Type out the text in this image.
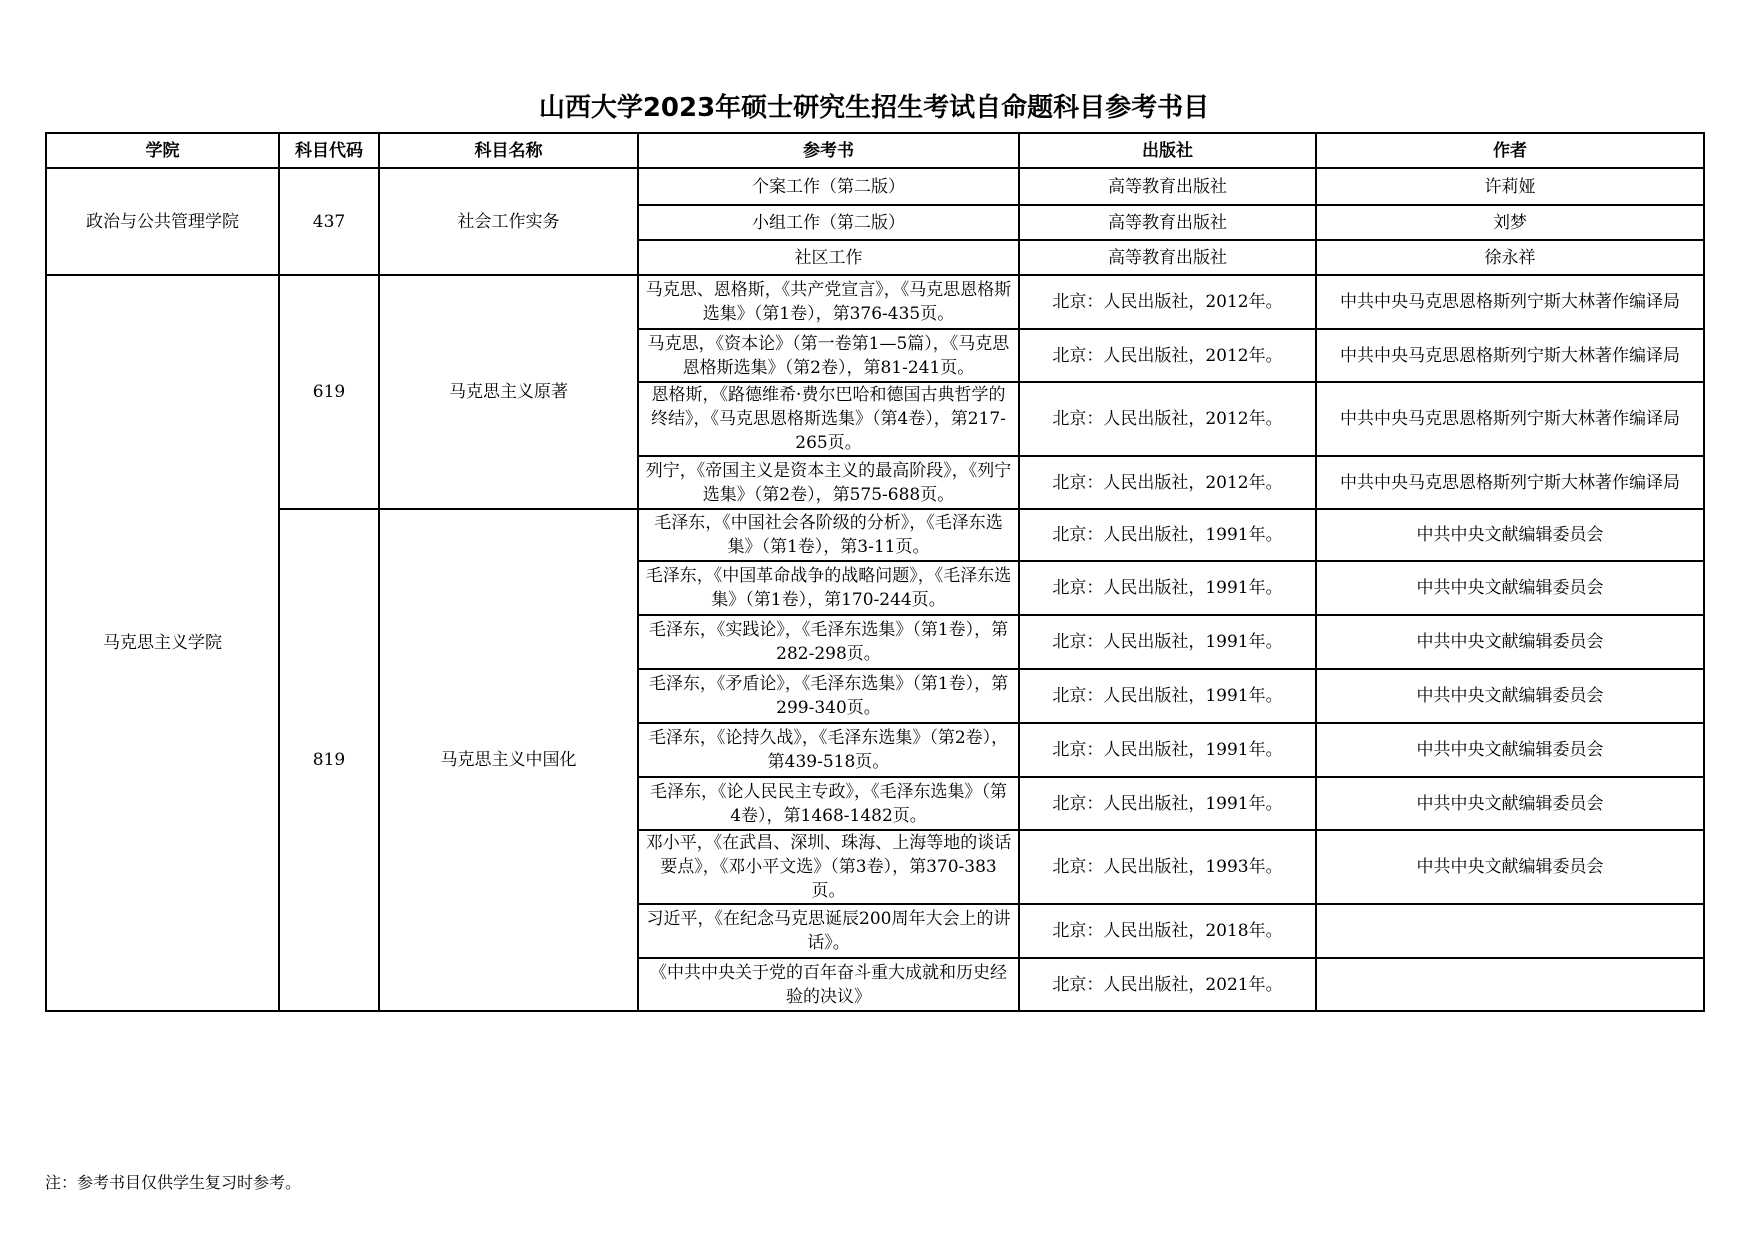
山西大学2023年硕士研究生招生考试自命题科目参考书目
学院	科目代码	科目名称	参考书	出版社	作者
政治与公共管理学院	437	社会工作实务	个案工作（第二版）	高等教育出版社	许莉娅
			小组工作（第二版）	高等教育出版社	刘梦
			社区工作	高等教育出版社	徐永祥
马克思主义学院	619	马克思主义原著	马克思、恩格斯，《共产党宣言》，《马克思恩格斯选集》（第1卷），第376-435页。	北京：人民出版社，2012年。	中共中央马克思恩格斯列宁斯大林著作编译局
			马克思，《资本论》（第一卷第1—5篇），《马克思恩格斯选集》（第2卷），第81-241页。	北京：人民出版社，2012年。	中共中央马克思恩格斯列宁斯大林著作编译局
			恩格斯，《路德维希·费尔巴哈和德国古典哲学的终结》，《马克思恩格斯选集》（第4卷），第217-265页。	北京：人民出版社，2012年。	中共中央马克思恩格斯列宁斯大林著作编译局
			列宁，《帝国主义是资本主义的最高阶段》，《列宁选集》（第2卷），第575-688页。	北京：人民出版社，2012年。	中共中央马克思恩格斯列宁斯大林著作编译局
	819	马克思主义中国化	毛泽东，《中国社会各阶级的分析》，《毛泽东选集》（第1卷），第3-11页。	北京：人民出版社，1991年。	中共中央文献编辑委员会
			毛泽东，《中国革命战争的战略问题》，《毛泽东选集》（第1卷），第170-244页。	北京：人民出版社，1991年。	中共中央文献编辑委员会
			毛泽东，《实践论》，《毛泽东选集》（第1卷），第282-298页。	北京：人民出版社，1991年。	中共中央文献编辑委员会
			毛泽东，《矛盾论》，《毛泽东选集》（第1卷），第299-340页。	北京：人民出版社，1991年。	中共中央文献编辑委员会
			毛泽东，《论持久战》，《毛泽东选集》（第2卷），第439-518页。	北京：人民出版社，1991年。	中共中央文献编辑委员会
			毛泽东，《论人民民主专政》，《毛泽东选集》（第4卷），第1468-1482页。	北京：人民出版社，1991年。	中共中央文献编辑委员会
			邓小平，《在武昌、深圳、珠海、上海等地的谈话要点》，《邓小平文选》（第3卷），第370-383页。	北京：人民出版社，1993年。	中共中央文献编辑委员会
			习近平，《在纪念马克思诞辰200周年大会上的讲话》。	北京：人民出版社，2018年。	
			《中共中央关于党的百年奋斗重大成就和历史经验的决议》	北京：人民出版社，2021年。	
注：参考书目仅供学生复习时参考。
